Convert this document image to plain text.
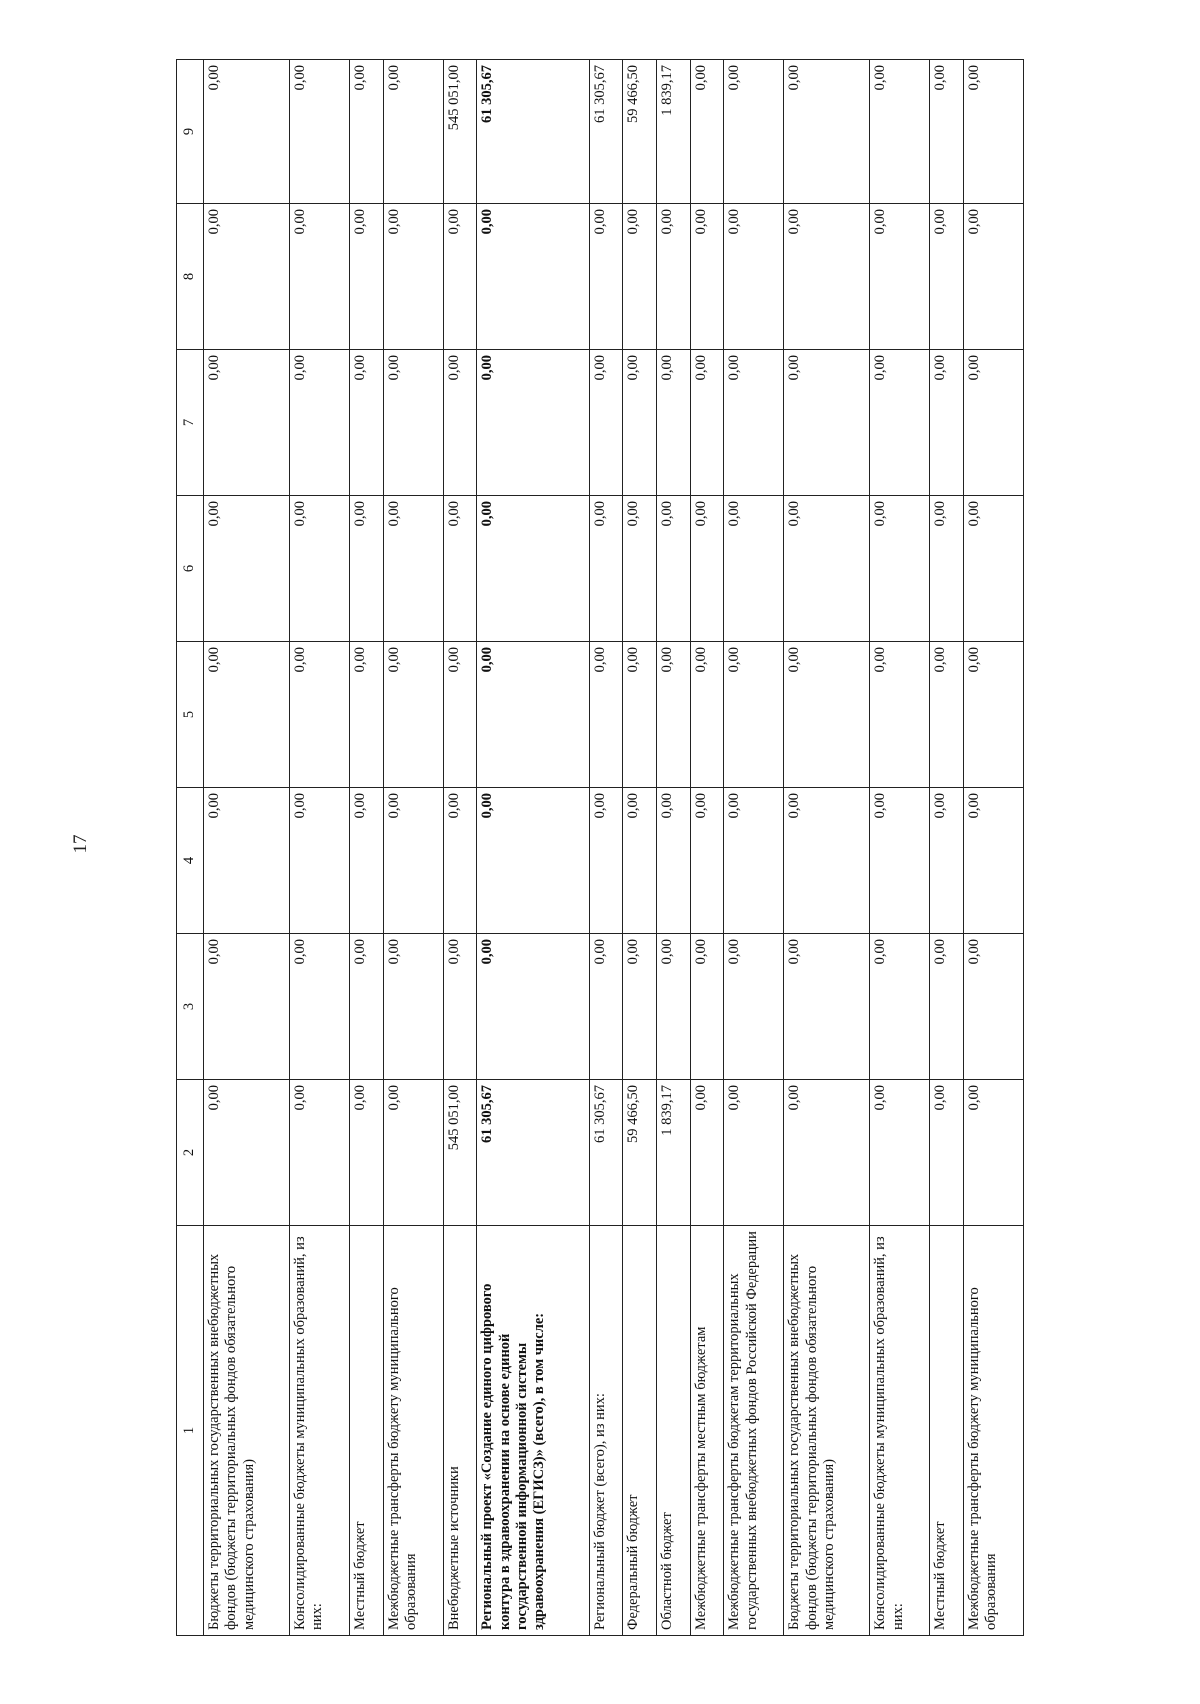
17
1	2	3	4	5	6	7	8	9
Бюджеты территориальных государственных внебюджетных фондов (бюджеты территориальных фондов обязательного медицинского страхования)	0,00	0,00	0,00	0,00	0,00	0,00	0,00	0,00
Консолидированные бюджеты муниципальных образований, из них:	0,00	0,00	0,00	0,00	0,00	0,00	0,00	0,00
Местный бюджет	0,00	0,00	0,00	0,00	0,00	0,00	0,00	0,00
Межбюджетные трансферты бюджету муниципального образования	0,00	0,00	0,00	0,00	0,00	0,00	0,00	0,00
Внебюджетные источники	545 051,00	0,00	0,00	0,00	0,00	0,00	0,00	545 051,00
Региональный проект «Создание единого цифрового контура в здравоохранении на основе единой государственной информационной системы здравоохранения (ЕГИСЗ)» (всего), в том числе:	61 305,67	0,00	0,00	0,00	0,00	0,00	0,00	61 305,67
Региональный бюджет (всего), из них:	61 305,67	0,00	0,00	0,00	0,00	0,00	0,00	61 305,67
Федеральный бюджет	59 466,50	0,00	0,00	0,00	0,00	0,00	0,00	59 466,50
Областной бюджет	1 839,17	0,00	0,00	0,00	0,00	0,00	0,00	1 839,17
Межбюджетные трансферты местным бюджетам	0,00	0,00	0,00	0,00	0,00	0,00	0,00	0,00
Межбюджетные трансферты бюджетам территориальных государственных внебюджетных фондов Российской Федерации	0,00	0,00	0,00	0,00	0,00	0,00	0,00	0,00
Бюджеты территориальных государственных внебюджетных фондов (бюджеты территориальных фондов обязательного медицинского страхования)	0,00	0,00	0,00	0,00	0,00	0,00	0,00	0,00
Консолидированные бюджеты муниципальных образований, из них:	0,00	0,00	0,00	0,00	0,00	0,00	0,00	0,00
Местный бюджет	0,00	0,00	0,00	0,00	0,00	0,00	0,00	0,00
Межбюджетные трансферты бюджету муниципального образования	0,00	0,00	0,00	0,00	0,00	0,00	0,00	0,00
